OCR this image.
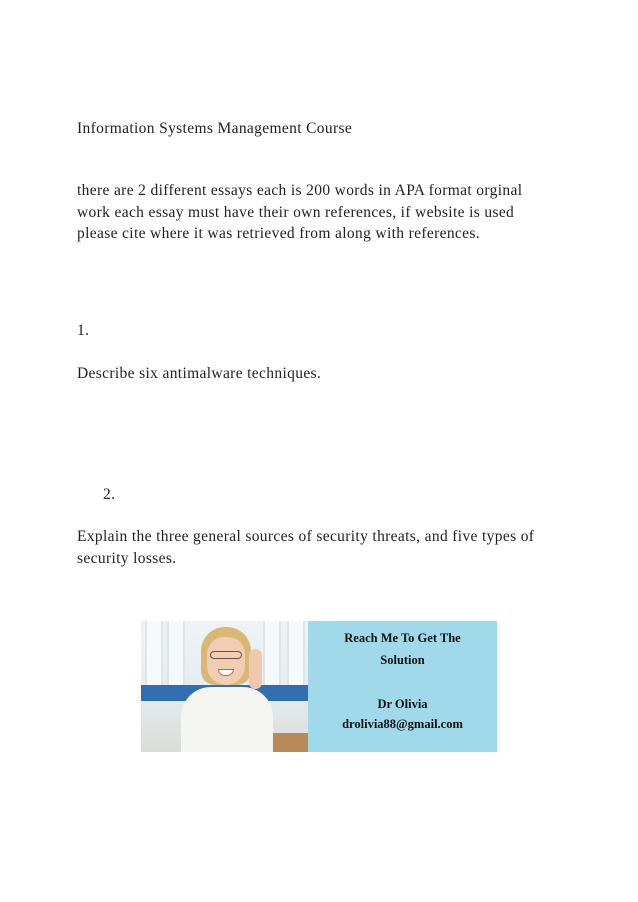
Information Systems Management Course

there are 2 different essays each is 200 words in APA format orginal work each essay must have their own references, if website is used please cite where it was retrieved from along with references.

1.

Describe six antimalware techniques.

2.

Explain the three general sources of security threats, and five types of security losses.

Reach Me To Get The
Solution
Dr Olivia
drolivia88@gmail.com
